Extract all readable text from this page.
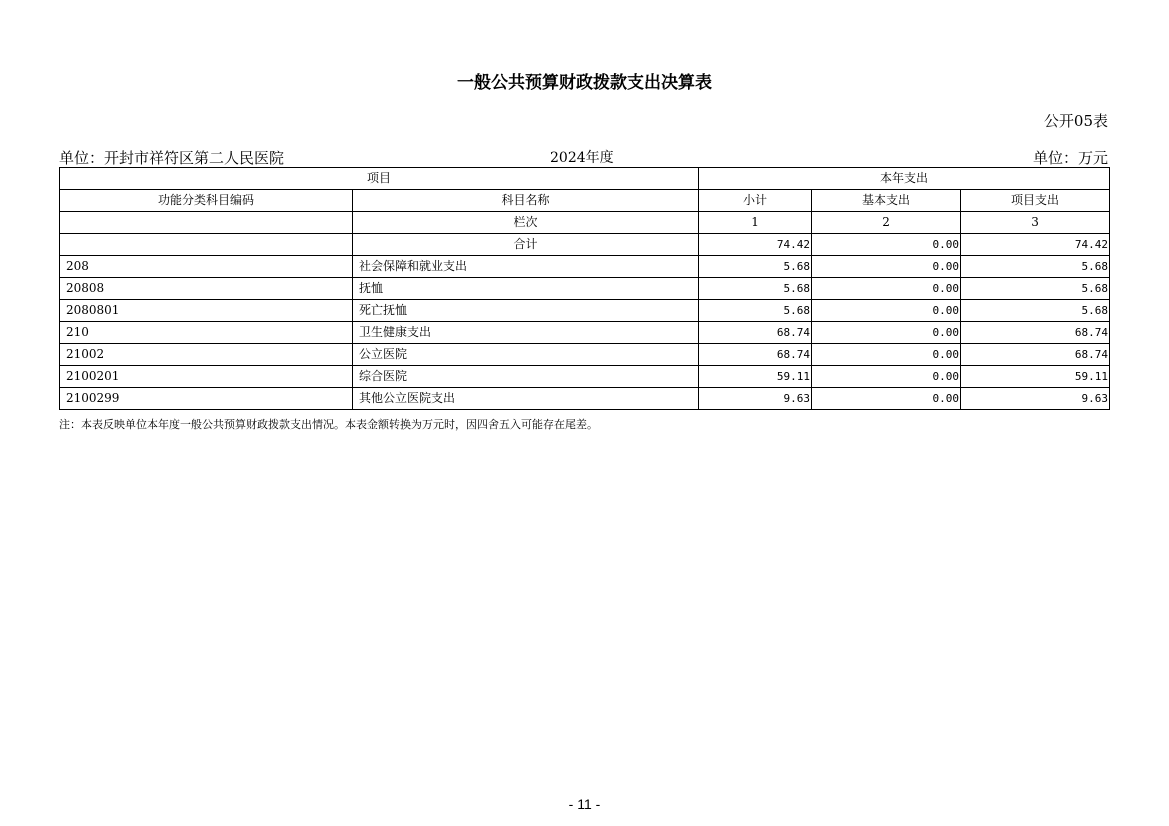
一般公共预算财政拨款支出决算表
公开05表
单位：开封市祥符区第二人民医院	2024年度	单位：万元
项目		本年支出		
功能分类科目编码	科目名称	小计	基本支出	项目支出
	栏次	1	2	3
	合计	74.42	0.00	74.42
208	社会保障和就业支出	5.68	0.00	5.68
20808	抚恤	5.68	0.00	5.68
2080801	死亡抚恤	5.68	0.00	5.68
210	卫生健康支出	68.74	0.00	68.74
21002	公立医院	68.74	0.00	68.74
2100201	综合医院	59.11	0.00	59.11
2100299	其他公立医院支出	9.63	0.00	9.63
注：本表反映单位本年度一般公共预算财政拨款支出情况。本表金额转换为万元时，因四舍五入可能存在尾差。
- 11 -
